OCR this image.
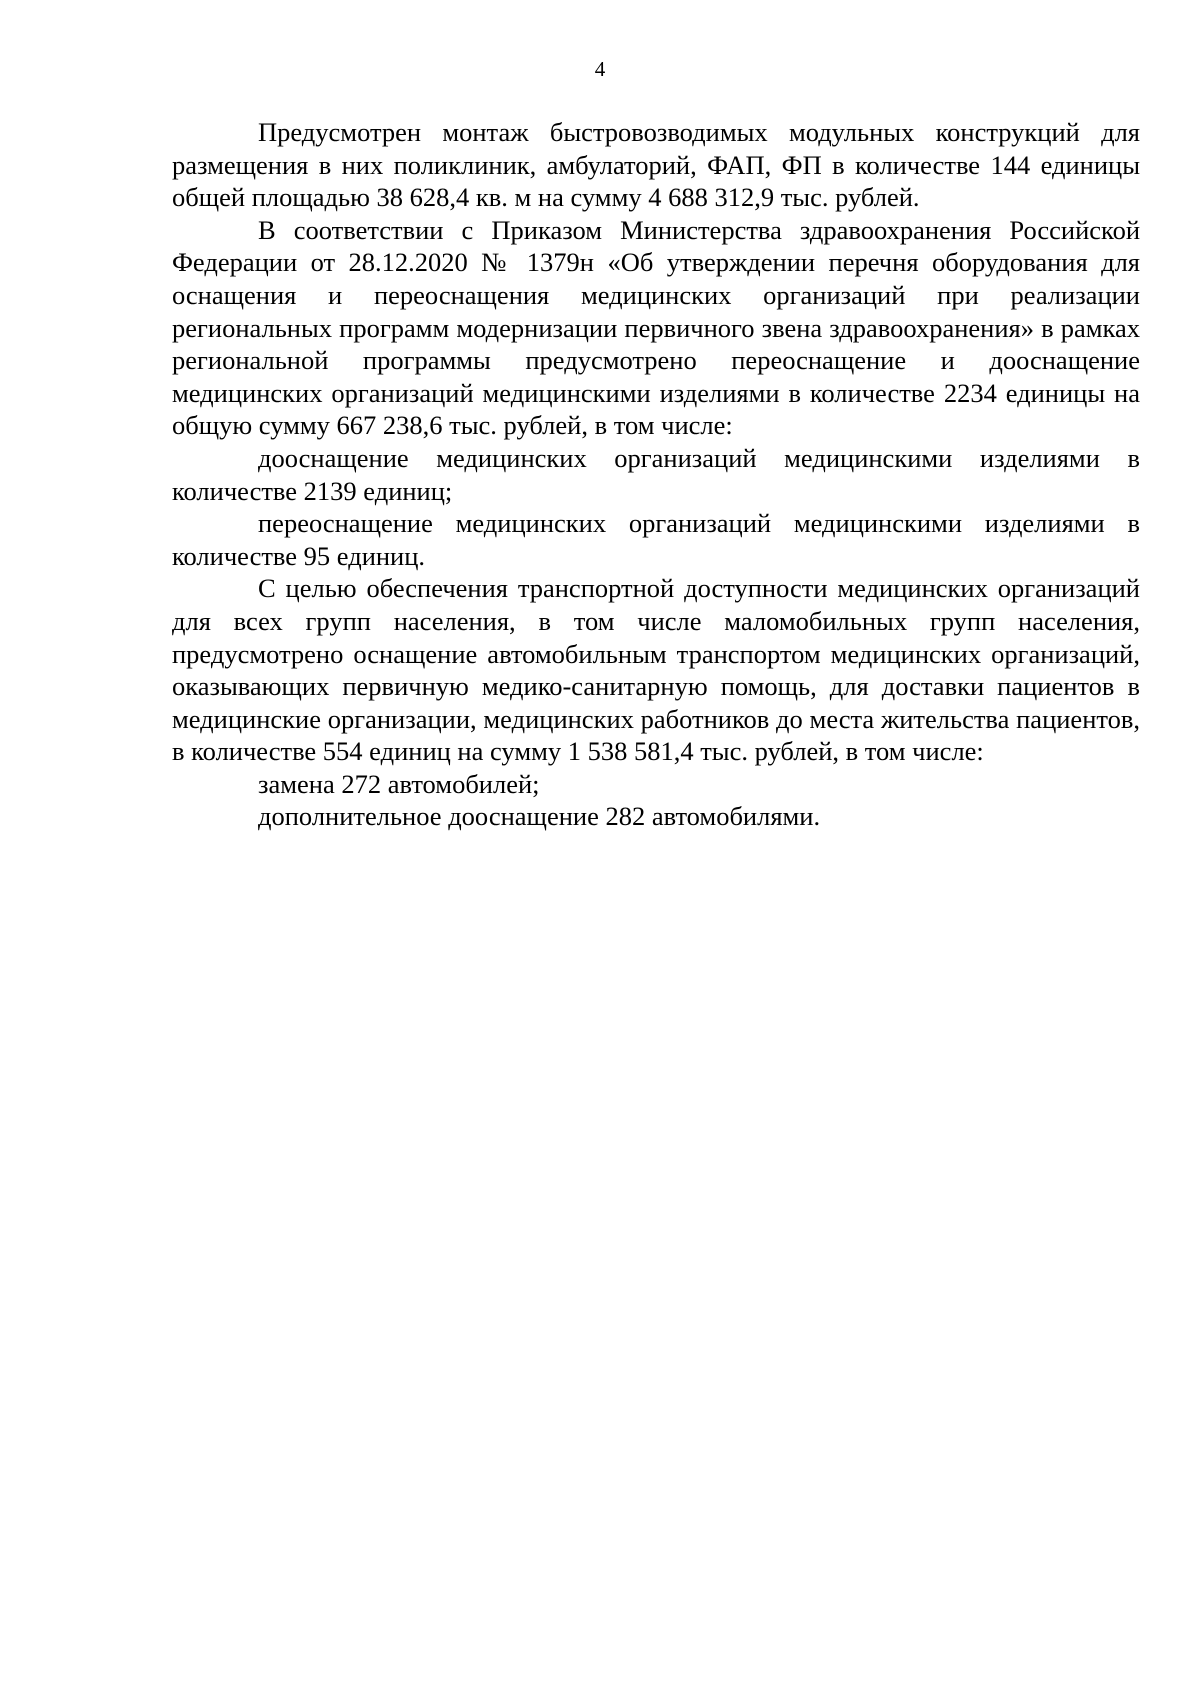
4

Предусмотрен монтаж быстровозводимых модульных конструкций для размещения в них поликлиник, амбулаторий, ФАП, ФП в количестве 144 единицы общей площадью 38 628,4 кв. м на сумму 4 688 312,9 тыс. рублей.

В соответствии с Приказом Министерства здравоохранения Российской Федерации от 28.12.2020 № 1379н «Об утверждении перечня оборудования для оснащения и переоснащения медицинских организаций при реализации региональных программ модернизации первичного звена здравоохранения» в рамках региональной программы предусмотрено переоснащение и дооснащение медицинских организаций медицинскими изделиями в количестве 2234 единицы на общую сумму 667 238,6 тыс. рублей, в том числе:

дооснащение медицинских организаций медицинскими изделиями в количестве 2139 единиц;

переоснащение медицинских организаций медицинскими изделиями в количестве 95 единиц.

С целью обеспечения транспортной доступности медицинских организаций для всех групп населения, в том числе маломобильных групп населения, предусмотрено оснащение автомобильным транспортом медицинских организаций, оказывающих первичную медико-санитарную помощь, для доставки пациентов в медицинские организации, медицинских работников до места жительства пациентов, в количестве 554 единиц на сумму 1 538 581,4 тыс. рублей, в том числе:

замена 272 автомобилей;

дополнительное дооснащение 282 автомобилями.
